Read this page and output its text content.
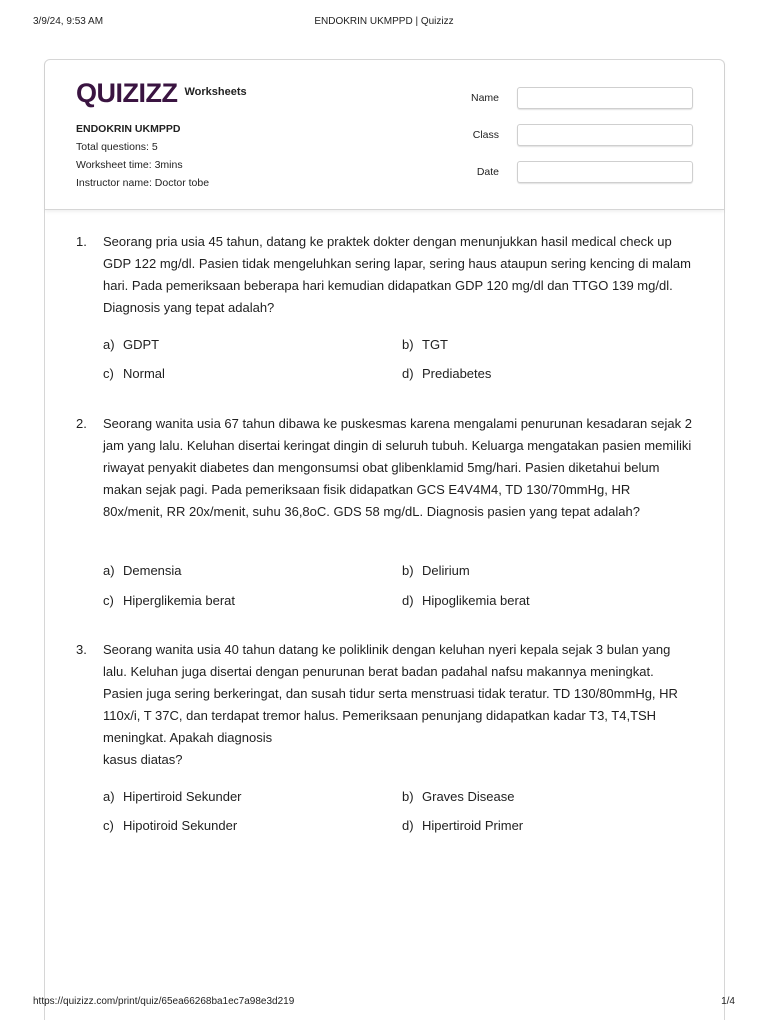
3/9/24, 9:53 AM	ENDOKRIN UKMPPD | Quizizz
QUIZIZZ Worksheets
ENDOKRIN UKMPPD
Total questions: 5
Worksheet time: 3mins
Instructor name: Doctor tobe
Name
Class
Date
1. Seorang pria usia 45 tahun, datang ke praktek dokter dengan menunjukkan hasil medical check up GDP 122 mg/dl. Pasien tidak mengeluhkan sering lapar, sering haus ataupun sering kencing di malam hari. Pada pemeriksaan beberapa hari kemudian didapatkan GDP 120 mg/dl dan TTGO 139 mg/dl. Diagnosis yang tepat adalah?
a) GDPT	b) TGT
c) Normal	d) Prediabetes
2. Seorang wanita usia 67 tahun dibawa ke puskesmas karena mengalami penurunan kesadaran sejak 2 jam yang lalu. Keluhan disertai keringat dingin di seluruh tubuh. Keluarga mengatakan pasien memiliki riwayat penyakit diabetes dan mengonsumsi obat glibenklamid 5mg/hari. Pasien diketahui belum makan sejak pagi. Pada pemeriksaan fisik didapatkan GCS E4V4M4, TD 130/70mmHg, HR 80x/menit, RR 20x/menit, suhu 36,8oC. GDS 58 mg/dL. Diagnosis pasien yang tepat adalah?
a) Demensia	b) Delirium
c) Hiperglikemia berat	d) Hipoglikemia berat
3. Seorang wanita usia 40 tahun datang ke poliklinik dengan keluhan nyeri kepala sejak 3 bulan yang lalu. Keluhan juga disertai dengan penurunan berat badan padahal nafsu makannya meningkat. Pasien juga sering berkeringat, dan susah tidur serta menstruasi tidak teratur. TD 130/80mmHg, HR 110x/i, T 37C, dan terdapat tremor halus. Pemeriksaan penunjang didapatkan kadar T3, T4,TSH meningkat. Apakah diagnosis
kasus diatas?
a) Hipertiroid Sekunder	b) Graves Disease
c) Hipotiroid Sekunder	d) Hipertiroid Primer
https://quizizz.com/print/quiz/65ea66268ba1ec7a98e3d219	1/4
